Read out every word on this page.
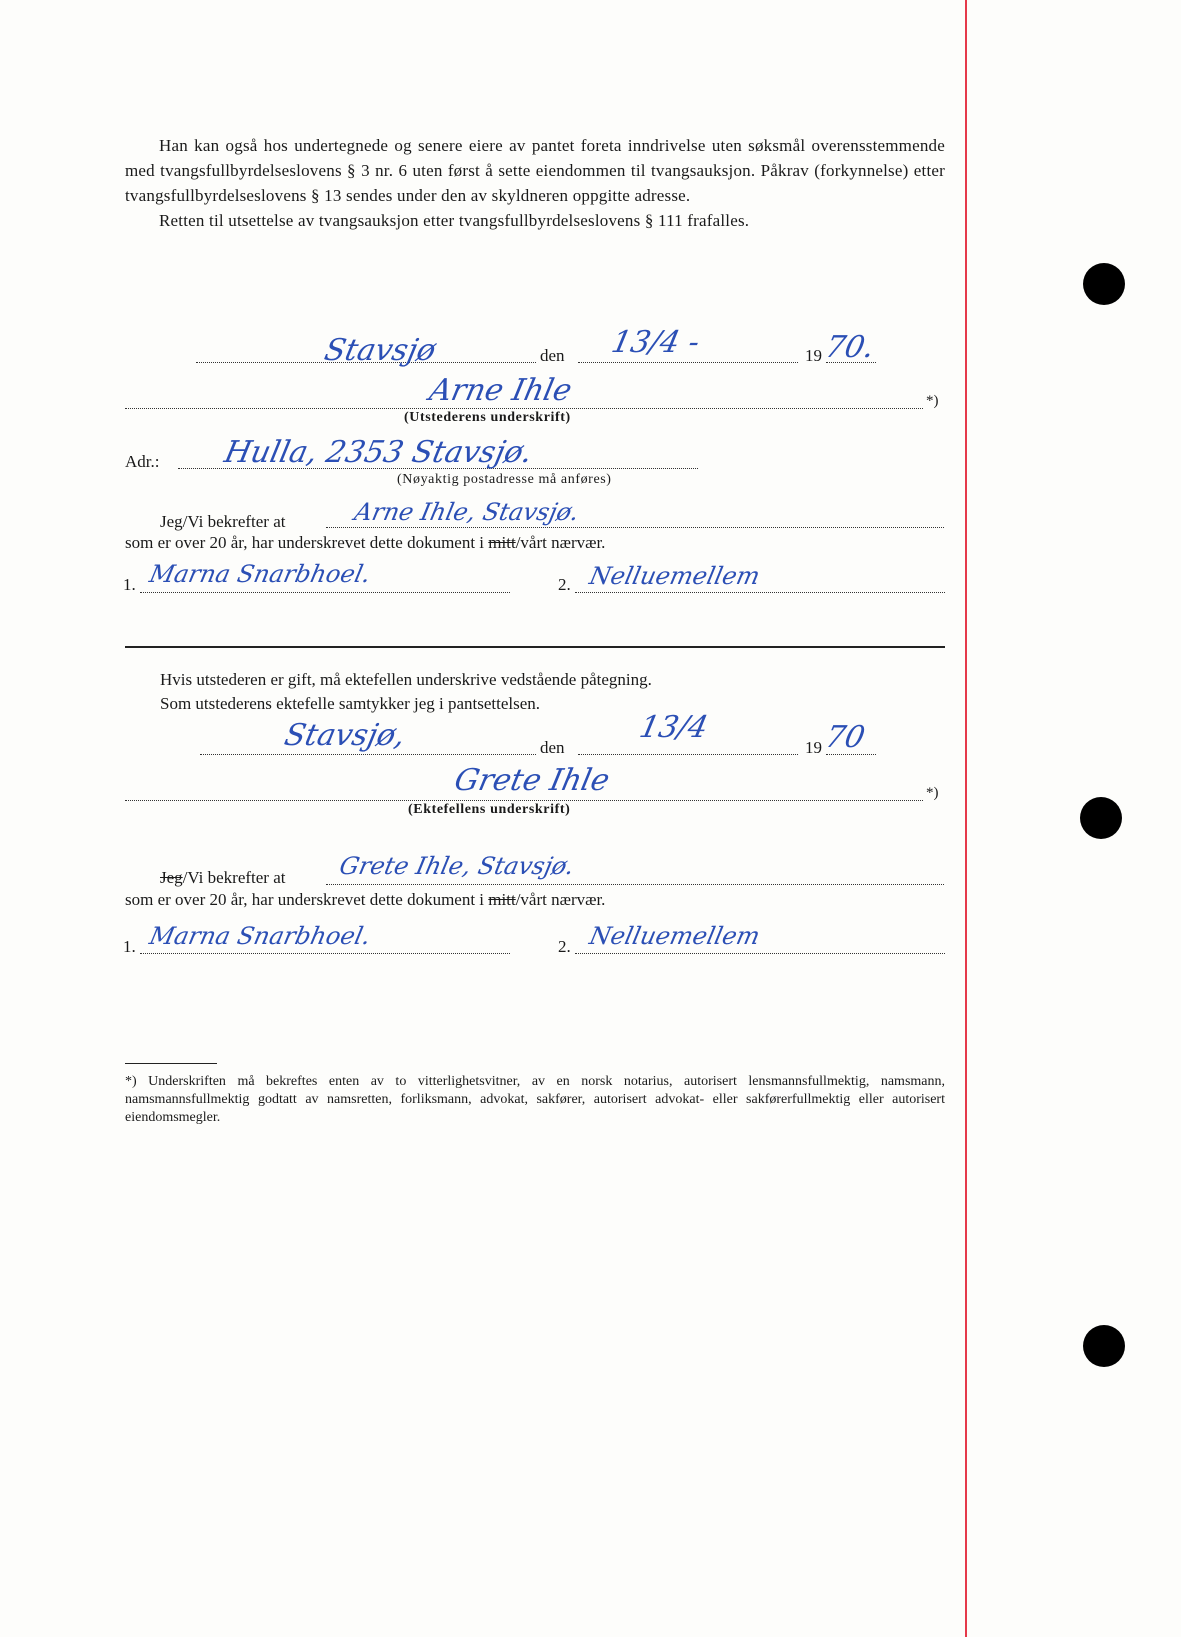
Han kan også hos undertegnede og senere eiere av pantet foreta inndrivelse uten søksmål overensstemmende med tvangsfullbyrdelseslovens § 3 nr. 6 uten først å sette eiendommen til tvangsauksjon. Påkrav (forkynnelse) etter tvangsfullbyrdelseslovens § 13 sendes under den av skyldneren oppgitte adresse.

Retten til utsettelse av tvangsauksjon etter tvangsfullbyrdelseslovens § 111 frafalles.

Stavsjø	den 13/4 -	19 70.
Arne Ihle	*)
(Utstederens underskrift)
Adr.: Hulla, 2353 Stavsjø.
(Nøyaktig postadresse må anføres)
Jeg/Vi bekrefter at	Arne Ihle, Stavsjø.
som er over 20 år, har underskrevet dette dokument i mitt/vårt nærvær.
1. Marna Snarbhoel.	2. Nelluemellem
Hvis utstederen er gift, må ektefellen underskrive vedstående påtegning.
Som utstederens ektefelle samtykker jeg i pantsettelsen.
Stavsjø,	den
13/4
19 70
Grete Ihle	*)
(Ektefellens underskrift)
Jeg/Vi bekrefter at Grete Ihle, Stavsjø.
som er over 20 år, har underskrevet dette dokument i mitt/vårt nærvær.
1. Marna Snarbhoel.	2. Nelluemellem
*) Underskriften må bekreftes enten av to vitterlighetsvitner, av en norsk notarius, autorisert lensmannsfullmektig, namsmann, namsmannsfullmektig godtatt av namsretten, forliksmann, advokat, sakfører, autorisert advokat- eller sakførerfullmektig eller autorisert eiendomsmegler.
